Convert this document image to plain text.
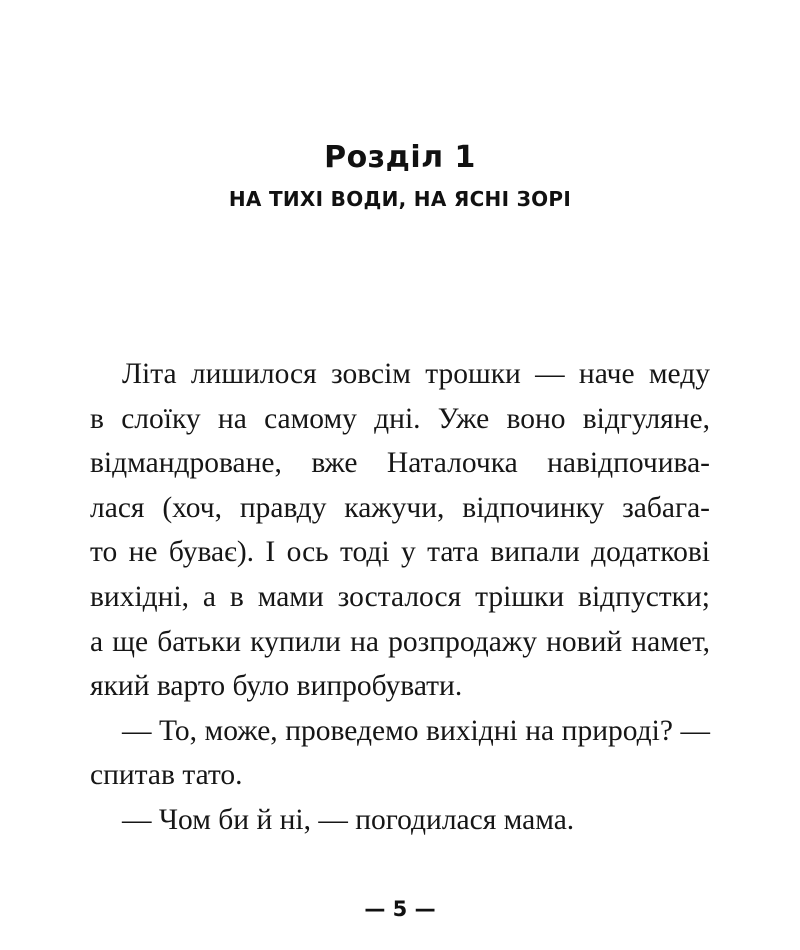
Розділ 1
НА ТИХІ ВОДИ, НА ЯСНІ ЗОРІ
Літа лишилося зовсім трошки — наче меду
в слоїку на самому дні. Уже воно відгуляне,
відмандроване, вже Наталочка навідпочива-
лася (хоч, правду кажучи, відпочинку забага-
то не буває). І ось тоді у тата випали додаткові
вихідні, а в мами зосталося трішки відпустки;
а ще батьки купили на розпродажу новий намет,
який варто було випробувати.
— То, може, проведемо вихідні на природі? —
спитав тато.
— Чом би й ні, — погодилася мама.
— 5 —
